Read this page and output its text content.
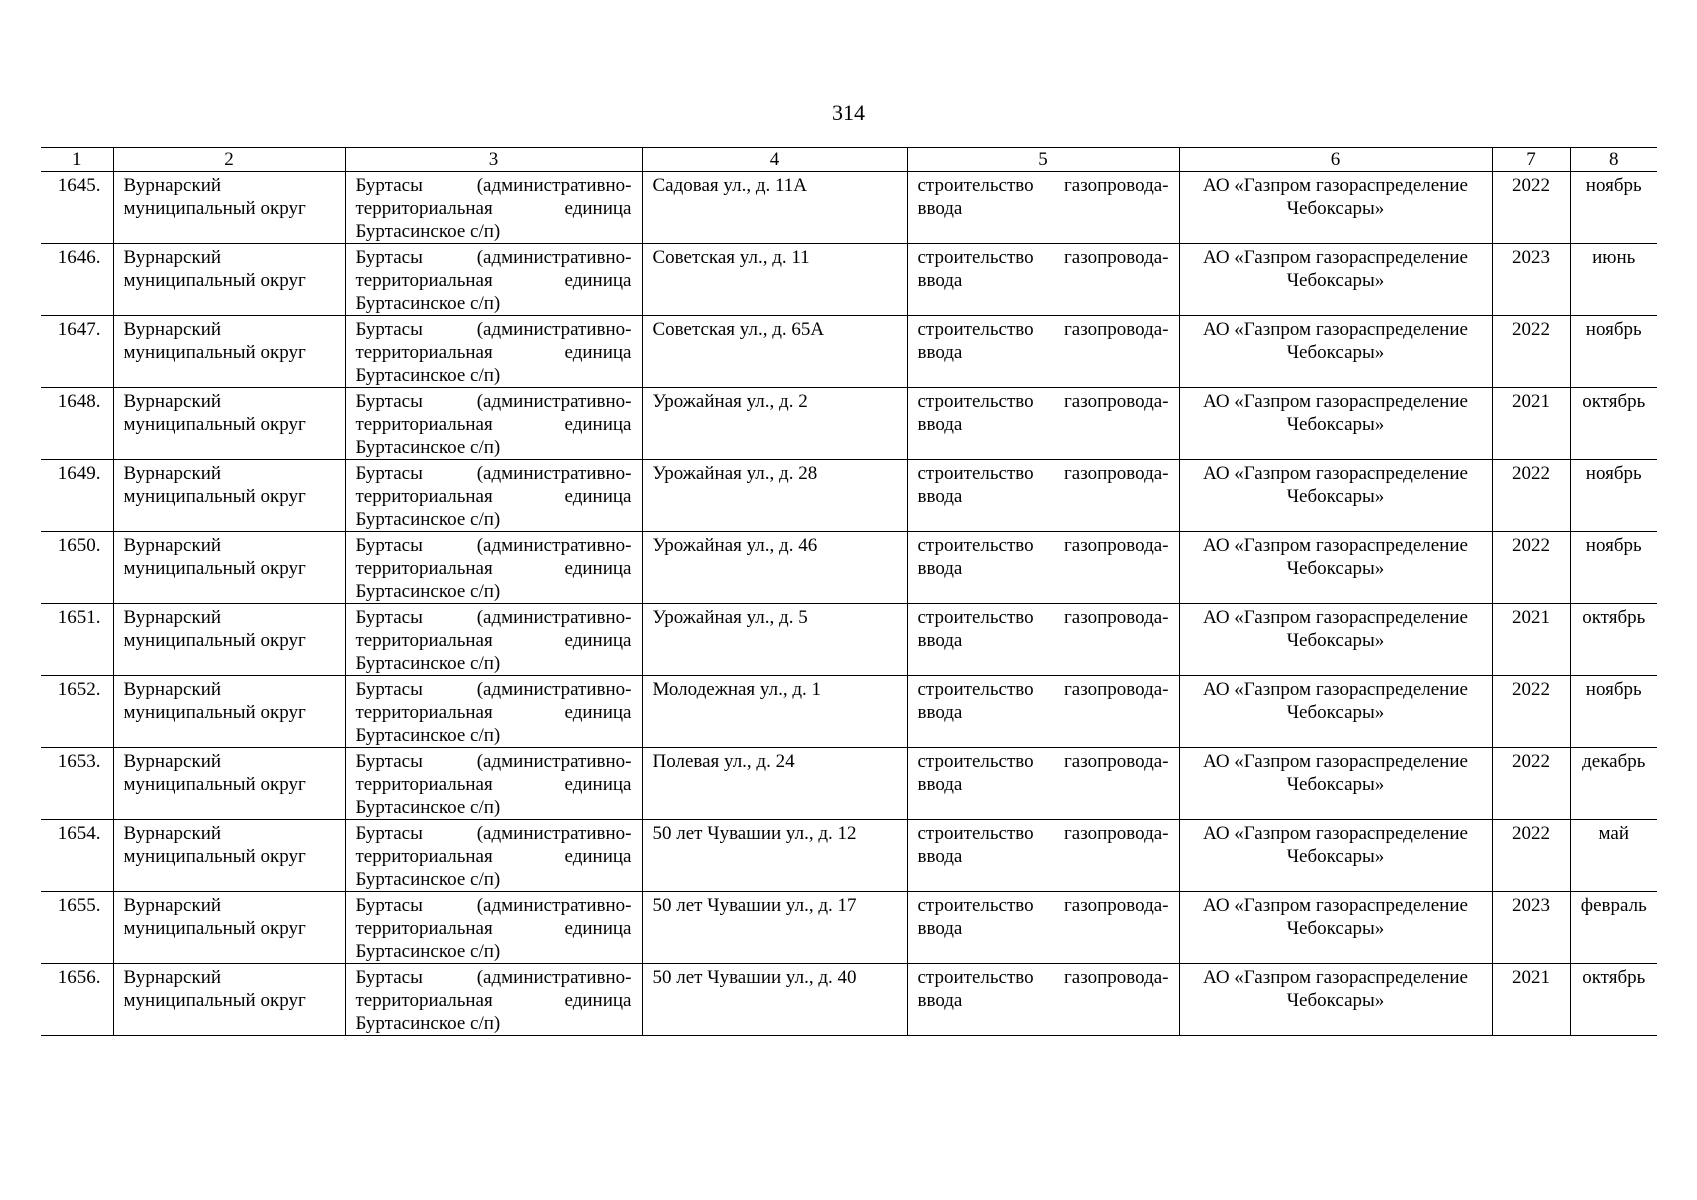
314
1	2	3	4	5	6	7	8
1645.	Вурнарский муниципальный округ	Буртасы (административно-территориальная единица Буртасинское с/п)	Садовая ул., д. 11А	строительство газопровода-ввода	АО «Газпром газораспределение Чебоксары»	2022	ноябрь
1646.	Вурнарский муниципальный округ	Буртасы (административно-территориальная единица Буртасинское с/п)	Советская ул., д. 11	строительство газопровода-ввода	АО «Газпром газораспределение Чебоксары»	2023	июнь
1647.	Вурнарский муниципальный округ	Буртасы (административно-территориальная единица Буртасинское с/п)	Советская ул., д. 65А	строительство газопровода-ввода	АО «Газпром газораспределение Чебоксары»	2022	ноябрь
1648.	Вурнарский муниципальный округ	Буртасы (административно-территориальная единица Буртасинское с/п)	Урожайная ул., д. 2	строительство газопровода-ввода	АО «Газпром газораспределение Чебоксары»	2021	октябрь
1649.	Вурнарский муниципальный округ	Буртасы (административно-территориальная единица Буртасинское с/п)	Урожайная ул., д. 28	строительство газопровода-ввода	АО «Газпром газораспределение Чебоксары»	2022	ноябрь
1650.	Вурнарский муниципальный округ	Буртасы (административно-территориальная единица Буртасинское с/п)	Урожайная ул., д. 46	строительство газопровода-ввода	АО «Газпром газораспределение Чебоксары»	2022	ноябрь
1651.	Вурнарский муниципальный округ	Буртасы (административно-территориальная единица Буртасинское с/п)	Урожайная ул., д. 5	строительство газопровода-ввода	АО «Газпром газораспределение Чебоксары»	2021	октябрь
1652.	Вурнарский муниципальный округ	Буртасы (административно-территориальная единица Буртасинское с/п)	Молодежная ул., д. 1	строительство газопровода-ввода	АО «Газпром газораспределение Чебоксары»	2022	ноябрь
1653.	Вурнарский муниципальный округ	Буртасы (административно-территориальная единица Буртасинское с/п)	Полевая ул., д. 24	строительство газопровода-ввода	АО «Газпром газораспределение Чебоксары»	2022	декабрь
1654.	Вурнарский муниципальный округ	Буртасы (административно-территориальная единица Буртасинское с/п)	50 лет Чувашии ул., д. 12	строительство газопровода-ввода	АО «Газпром газораспределение Чебоксары»	2022	май
1655.	Вурнарский муниципальный округ	Буртасы (административно-территориальная единица Буртасинское с/п)	50 лет Чувашии ул., д. 17	строительство газопровода-ввода	АО «Газпром газораспределение Чебоксары»	2023	февраль
1656.	Вурнарский муниципальный округ	Буртасы (административно-территориальная единица Буртасинское с/п)	50 лет Чувашии ул., д. 40	строительство газопровода-ввода	АО «Газпром газораспределение Чебоксары»	2021	октябрь
